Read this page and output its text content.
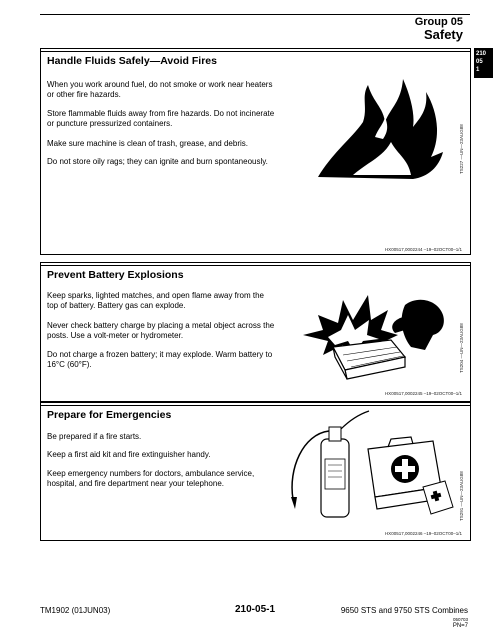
Group 05
Safety
210
05
1
Handle Fluids Safely—Avoid Fires
When you work around fuel, do not smoke or work near heaters or other fire hazards.
Store flammable fluids away from fire hazards. Do not incinerate or puncture pressurized containers.
Make sure machine is clean of trash, grease, and debris.
Do not store oily rags; they can ignite and burn spontaneously.	TS227 —UN—23AUG88
HX00517,0002244 –19–02OCT00–1/1
Prevent Battery Explosions
Keep sparks, lighted matches, and open flame away from the top of battery. Battery gas can explode.
Never check battery charge by placing a metal object across the posts. Use a volt-meter or hydrometer.
Do not charge a frozen battery; it may explode. Warm battery to 16°C (60°F).	TS204 —UN—23AUG88
HX00517,0002245 –19–02OCT00–1/1
Prepare for Emergencies
Be prepared if a fire starts.
Keep a first aid kit and fire extinguisher handy.
Keep emergency numbers for doctors, ambulance service, hospital, and fire department near your telephone.	TS291 —UN—23AUG88
HX00517,0002246 –19–02OCT00–1/1
TM1902 (01JUN03)	210-05-1	9650 STS and 9750 STS Combines
050703
PN=7
